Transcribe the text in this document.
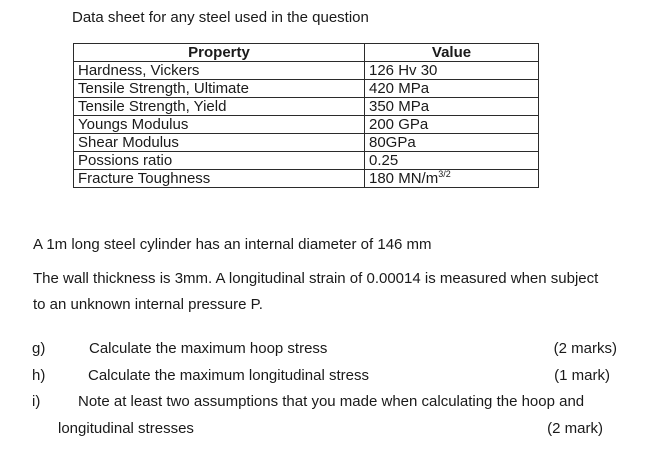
Data sheet for any steel used in the question
Property	Value
Hardness, Vickers	126 Hv 30
Tensile Strength, Ultimate	420 MPa
Tensile Strength, Yield	350 MPa
Youngs Modulus	200 GPa
Shear Modulus	80GPa
Possions ratio	0.25
Fracture Toughness	180 $MN/m^{3/2}$
A 1m long steel cylinder has an internal diameter of 146 mm
The wall thickness is 3mm. A longitudinal strain of 0.00014 is measured when subject
to an unknown internal pressure P.
g)	Calculate the maximum hoop stress	(2 marks)
h)	Calculate the maximum longitudinal stress	(1 mark)
i)	Note at least two assumptions that you made when calculating the hoop and
longitudinal stresses	(2 mark)
